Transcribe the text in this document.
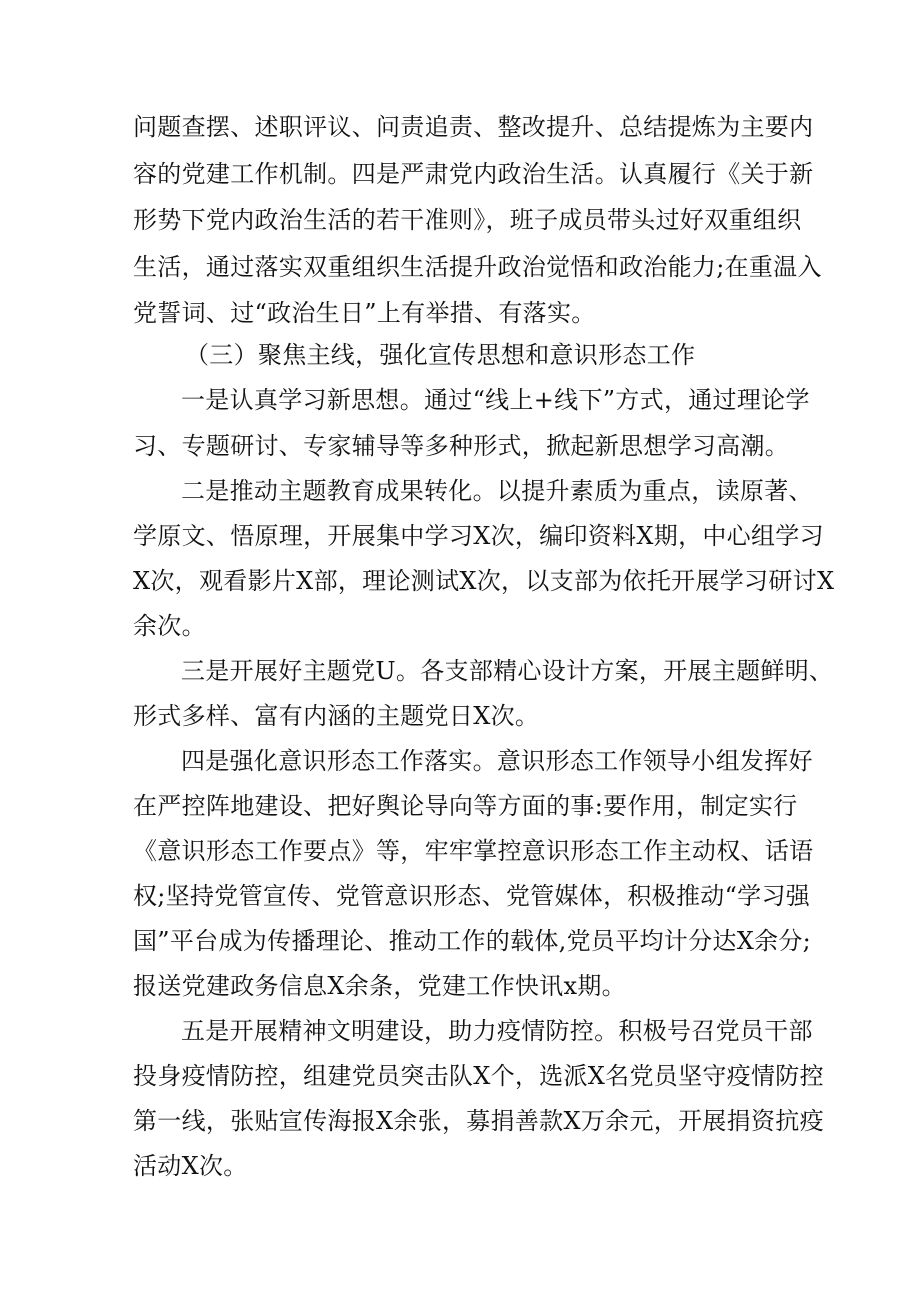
问题查摆、述职评议、问责追责、整改提升、总结提炼为主要内
容的党建工作机制。四是严肃党内政治生活。认真履行《关于新
形势下党内政治生活的若干准则》，班子成员带头过好双重组织
生活，通过落实双重组织生活提升政治觉悟和政治能力;在重温入
党誓词、过“政治生日”上有举措、有落实。
（三）聚焦主线，强化宣传思想和意识形态工作
一是认真学习新思想。通过“线上+线下”方式，通过理论学
习、专题研讨、专家辅导等多种形式，掀起新思想学习高潮。
二是推动主题教育成果转化。以提升素质为重点，读原著、
学原文、悟原理，开展集中学习X次，编印资料X期，中心组学习
X次，观看影片X部，理论测试X次，以支部为依托开展学习研讨X
余次。
三是开展好主题党U。各支部精心设计方案，开展主题鲜明、
形式多样、富有内涵的主题党日X次。
四是强化意识形态工作落实。意识形态工作领导小组发挥好
在严控阵地建设、把好舆论导向等方面的事:要作用，制定实行
《意识形态工作要点》等，牢牢掌控意识形态工作主动权、话语
权;坚持党管宣传、党管意识形态、党管媒体，积极推动“学习强
国”平台成为传播理论、推动工作的载体,党员平均计分达X余分;
报送党建政务信息X余条，党建工作快讯x期。
五是开展精神文明建设，助力疫情防控。积极号召党员干部
投身疫情防控，组建党员突击队X个，选派X名党员坚守疫情防控
第一线，张贴宣传海报X余张，募捐善款X万余元，开展捐资抗疫
活动X次。
